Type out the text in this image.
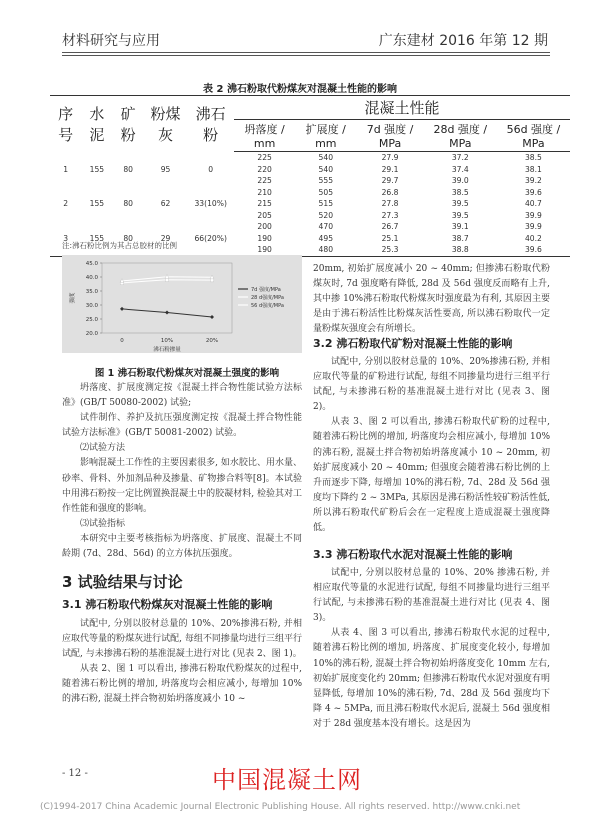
材料研究与应用	广东建材 2016 年第 12 期
表 2 沸石粉取代粉煤灰对混凝土性能的影响
序号	水泥	矿粉	粉煤灰	沸石粉	混凝土性能				
					坍落度 / mm	扩展度 / mm	7d 强度 / MPa	28d 强度 / MPa	56d 强度 / MPa
					225	540	27.9	37.2	38.5
1	155	80	95	0	220	540	29.1	37.4	38.1
					225	555	29.7	39.0	39.2
					210	505	26.8	38.5	39.6
2	155	80	62	33(10%)	215	515	27.8	39.5	40.7
					205	520	27.3	39.5	39.9
					200	470	26.7	39.1	39.9
3	155	80	29	66(20%)	190	495	25.1	38.7	40.2
					190	480	25.3	38.8	39.6
注:沸石粉比例为其占总胶材的比例
45.0
40.0
35.0
30.0
25.0
20.0
强度
0	10%	20%
沸石粉掺量
7d 强度/MPa
28 d强度/MPa
56 d强度/MPa
图 1 沸石粉取代粉煤灰对混凝土强度的影响

坍落度、扩展度测定按《混凝土拌合物性能试验方法标准》(GB/T 50080-2002) 试验;

试件制作、养护及抗压强度测定按《混凝土拌合物性能试验方法标准》(GB/T 50081-2002) 试验。

⑵试验方法

影响混凝土工作性的主要因素很多, 如水胶比、用水量、砂率、骨料、外加剂品种及掺量、矿物掺合料等[8]。本试验中用沸石粉按一定比例置换混凝土中的胶凝材料, 检验其对工作性能和强度的影响。

⑶试验指标

本研究中主要考核指标为坍落度、扩展度、混凝土不同龄期 (7d、28d、56d) 的立方体抗压强度。

3 试验结果与讨论
3.1 沸石粉取代粉煤灰对混凝土性能的影响

试配中, 分别以胶材总量的 10%、20%掺沸石粉, 并相应取代等量的粉煤灰进行试配, 每组不同掺量均进行三组平行试配, 与未掺沸石粉的基准混凝土进行对比 (见表 2、图 1)。

从表 2、图 1 可以看出, 掺沸石粉取代粉煤灰的过程中, 随着沸石粉比例的增加, 坍落度均会相应减小, 每增加 10%的沸石粉, 混凝土拌合物初始坍落度减小 10 ~

20mm, 初始扩展度减小 20 ~ 40mm; 但掺沸石粉取代粉煤灰时, 7d 强度略有降低, 28d 及 56d 强度反而略有上升, 其中掺 10%沸石粉取代粉煤灰时强度最为有利, 其原因主要是由于沸石粉活性比粉煤灰活性要高, 所以沸石粉取代一定量粉煤灰强度会有所增长。

3.2 沸石粉取代矿粉对混凝土性能的影响

试配中, 分别以胶材总量的 10%、20%掺沸石粉, 并相应取代等量的矿粉进行试配, 每组不同掺量均进行三组平行试配, 与未掺沸石粉的基准混凝土进行对比 (见表 3、图 2)。

从表 3、图 2 可以看出, 掺沸石粉取代矿粉的过程中, 随着沸石粉比例的增加, 坍落度均会相应减小, 每增加 10%的沸石粉, 混凝土拌合物初始坍落度减小 10 ~ 20mm, 初始扩展度减小 20 ~ 40mm; 但强度会随着沸石粉比例的上升而逐步下降, 每增加 10%的沸石粉, 7d、28d 及 56d 强度均下降约 2 ~ 3MPa, 其原因是沸石粉活性较矿粉活性低, 所以沸石粉取代矿粉后会在一定程度上造成混凝土强度降低。

3.3 沸石粉取代水泥对混凝土性能的影响

试配中, 分别以胶材总量的 10%、20% 掺沸石粉, 并相应取代等量的水泥进行试配, 每组不同掺量均进行三组平行试配, 与未掺沸石粉的基准混凝土进行对比 (见表 4、图 3)。

从表 4、图 3 可以看出, 掺沸石粉取代水泥的过程中, 随着沸石粉比例的增加, 坍落度、扩展度变化较小, 每增加 10%的沸石粉, 混凝土拌合物初始坍落度变化 10mm 左右, 初始扩展度变化约 20mm; 但掺沸石粉取代水泥对强度有明显降低, 每增加 10%的沸石粉, 7d、28d 及 56d 强度均下降 4 ~ 5MPa, 而且沸石粉取代水泥后, 混凝土 56d 强度相对于 28d 强度基本没有增长。这是因为

- 12 -	中国混凝土网
(C)1994-2017 China Academic Journal Electronic Publishing House. All rights reserved. http://www.cnki.net
